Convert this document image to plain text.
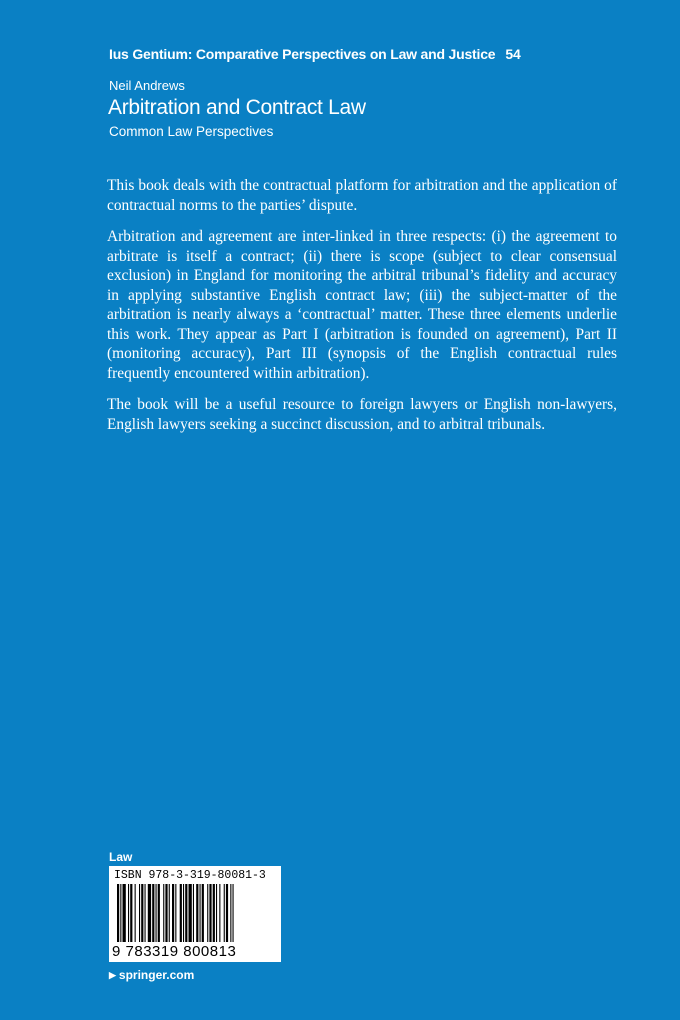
Ius Gentium: Comparative Perspectives on Law and Justice 54
Neil Andrews
Arbitration and Contract Law
Common Law Perspectives

This book deals with the contractual platform for arbitration and the application of contractual norms to the parties’ dispute.

Arbitration and agreement are inter-linked in three respects: (i) the agreement to arbitrate is itself a contract; (ii) there is scope (subject to clear consensual exclusion) in England for monitoring the arbitral tribunal’s fidelity and accuracy in applying substantive English contract law; (iii) the subject-matter of the arbitration is nearly always a ‘contractual’ matter. These three elements underlie this work. They appear as Part I (arbitration is founded on agreement), Part II (monitoring accuracy), Part III (synopsis of the English contractual rules frequently encountered within arbitration).

The book will be a useful resource to foreign lawyers or English non-lawyers, English lawyers seeking a succinct discussion, and to arbitral tribunals.

Law
ISBN 978-3-319-80081-3
9 783319 800813
▶ springer.com
